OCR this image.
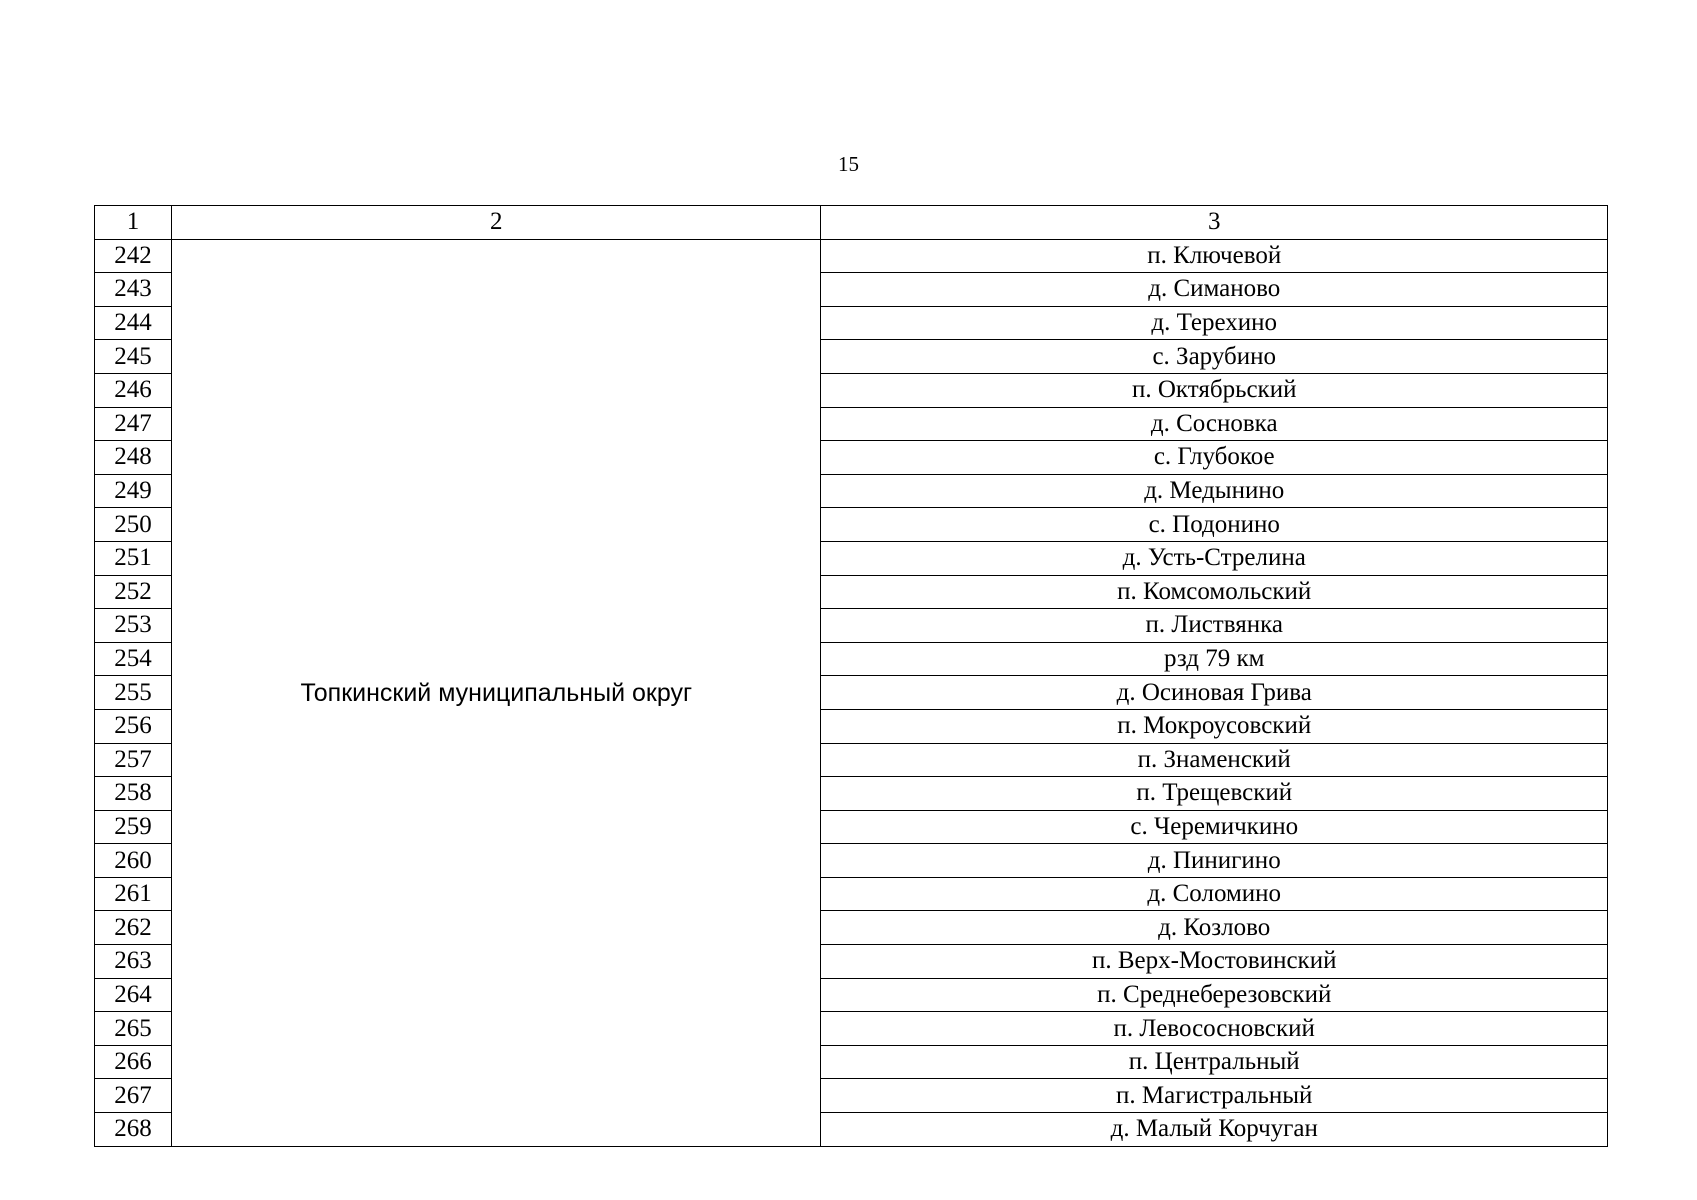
15
1	2	3
242	Топкинский муниципальный округ	п. Ключевой
243		д. Симаново
244		д. Терехино
245		с. Зарубино
246		п. Октябрьский
247		д. Сосновка
248		с. Глубокое
249		д. Медынино
250		с. Подонино
251		д. Усть-Стрелина
252		п. Комсомольский
253		п. Листвянка
254		рзд 79 км
255		д. Осиновая Грива
256		п. Мокроусовский
257		п. Знаменский
258		п. Трещевский
259		с. Черемичкино
260		д. Пинигино
261		д. Соломино
262		д. Козлово
263		п. Верх-Мостовинский
264		п. Среднеберезовский
265		п. Левососновский
266		п. Центральный
267		п. Магистральный
268		д. Малый Корчуган
